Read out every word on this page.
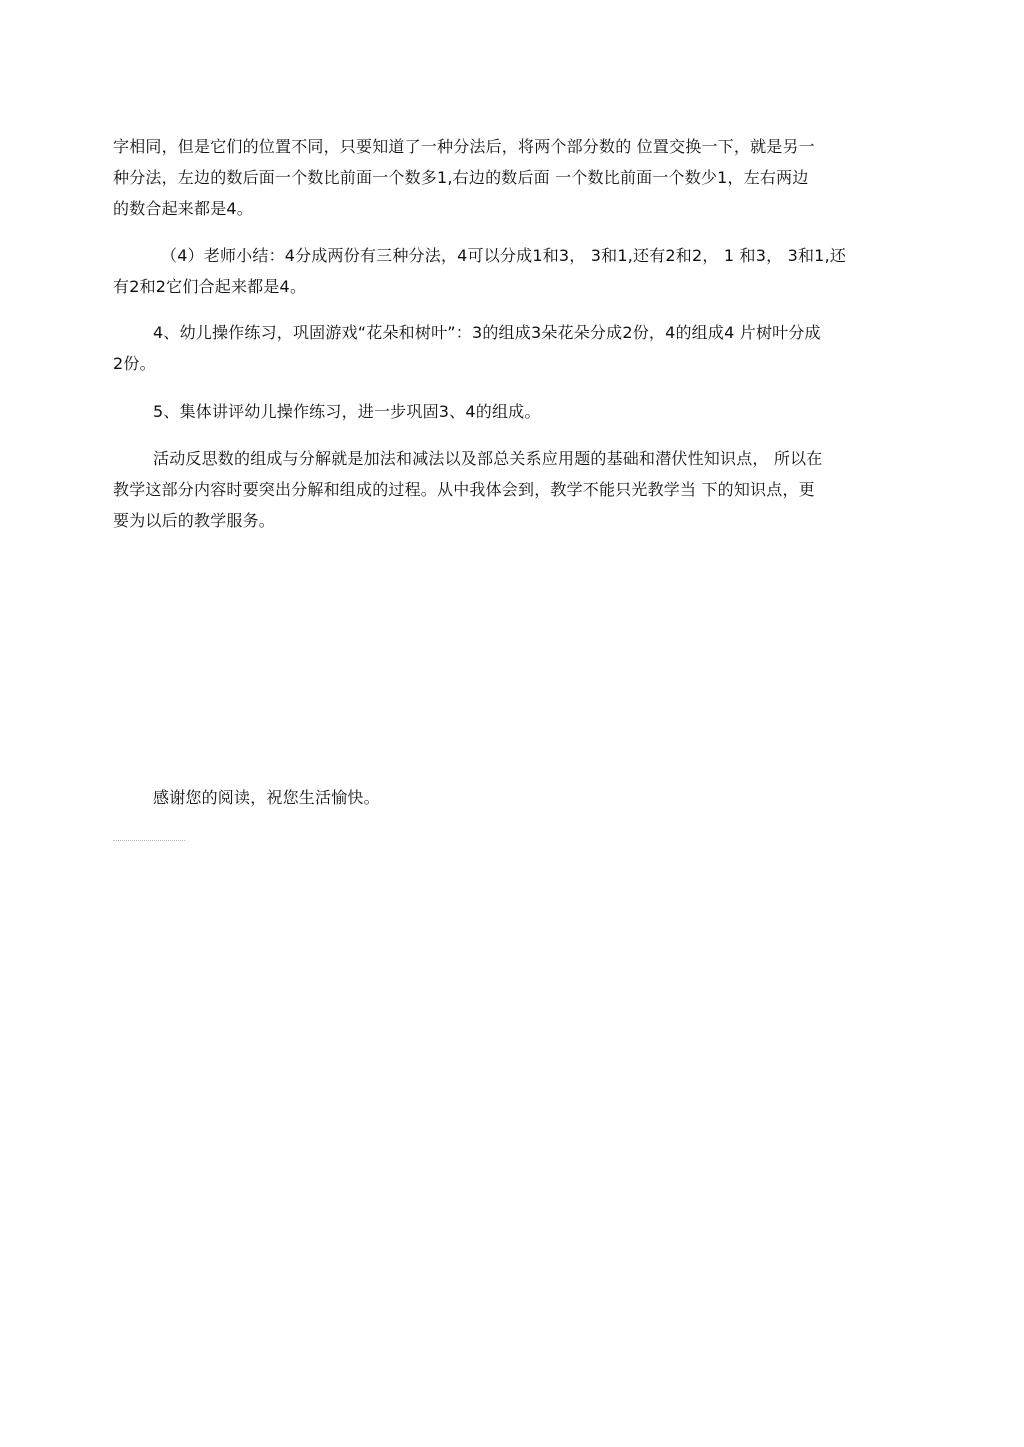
字相同，但是它们的位置不同，只要知道了一种分法后，将两个部分数的 位置交换一下，就是另一
种分法，左边的数后面一个数比前面一个数多1,右边的数后面 一个数比前面一个数少1，左右两边
的数合起来都是4。
（4）老师小结：4分成两份有三种分法，4可以分成1和3， 3和1,还有2和2， 1 和3， 3和1,还
有2和2它们合起来都是4。
4、幼儿操作练习，巩固游戏“花朵和树叶”：3的组成3朵花朵分成2份，4的组成4 片树叶分成
2份。
5、集体讲评幼儿操作练习，进一步巩固3、4的组成。
活动反思数的组成与分解就是加法和减法以及部总关系应用题的基础和潜伏性知识点， 所以在
教学这部分内容时要突出分解和组成的过程。从中我体会到，教学不能只光教学当 下的知识点，更
要为以后的教学服务。
感谢您的阅读，祝您生活愉快。
